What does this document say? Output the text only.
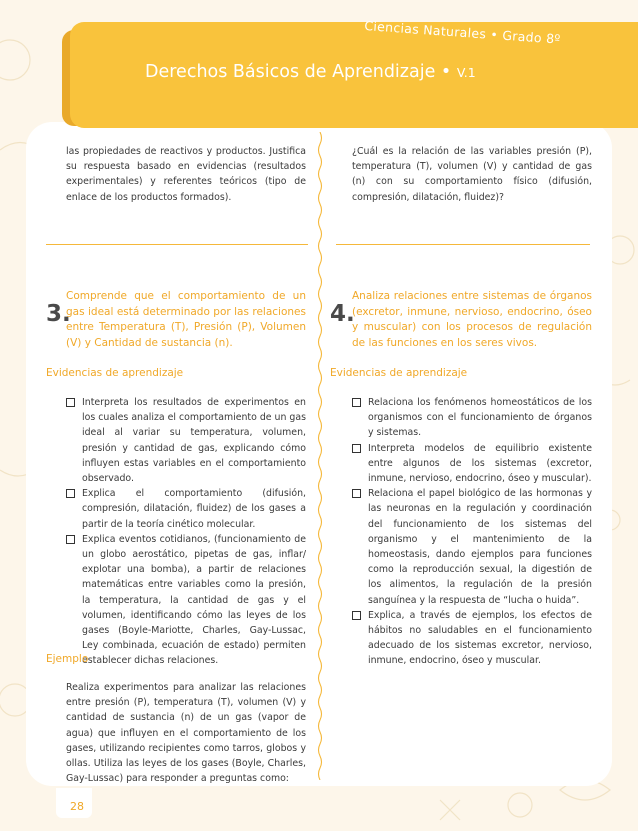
Ciencias Naturales • Grado 8º
Derechos Básicos de Aprendizaje • V.1
las propiedades de reactivos y productos. Justifica su respuesta basado en evidencias (resultados experimentales) y referentes teóricos (tipo de enlace de los productos formados).
¿Cuál es la relación de las variables presión (P), temperatura (T), volumen (V) y cantidad de gas (n) con su comportamiento físico (difusión, compresión, dilatación, fluidez)?
3.
Comprende que el comportamiento de un gas ideal está determinado por las relaciones entre Temperatura (T), Presión (P), Volumen (V) y Cantidad de sustancia (n).
4.
Analiza relaciones entre sistemas de órganos (excretor, inmune, nervioso, endocrino, óseo y muscular) con los procesos de regulación de las funciones en los seres vivos.
Evidencias de aprendizaje	Evidencias de aprendizaje
Interpreta los resultados de experimentos en los cuales analiza el comportamiento de un gas ideal al variar su temperatura, volumen, presión y cantidad de gas, explicando cómo influyen estas variables en el comportamiento observado.
Explica el comportamiento (difusión, compresión, dilatación, fluidez) de los gases a partir de la teoría cinético molecular.
Explica eventos cotidianos, (funcionamiento de un globo aerostático, pipetas de gas, inflar/ explotar una bomba), a partir de relaciones matemáticas entre variables como la presión, la temperatura, la cantidad de gas y el volumen, identificando cómo las leyes de los gases (Boyle-Mariotte, Charles, Gay-Lussac, Ley combinada, ecuación de estado) permiten establecer dichas relaciones.
Relaciona los fenómenos homeostáticos de los organismos con el funcionamiento de órganos y sistemas.
Interpreta modelos de equilibrio existente entre algunos de los sistemas (excretor, inmune, nervioso, endocrino, óseo y muscular).
Relaciona el papel biológico de las hormonas y las neuronas en la regulación y coordinación del funcionamiento de los sistemas del organismo y el mantenimiento de la homeostasis, dando ejemplos para funciones como la reproducción sexual, la digestión de los alimentos, la regulación de la presión sanguínea y la respuesta de “lucha o huida”.
Explica, a través de ejemplos, los efectos de hábitos no saludables en el funcionamiento adecuado de los sistemas excretor, nervioso, inmune, endocrino, óseo y muscular.
Ejemplo
Realiza experimentos para analizar las relaciones entre presión (P), temperatura (T), volumen (V) y cantidad de sustancia (n) de un gas (vapor de agua) que influyen en el comportamiento de los gases, utilizando recipientes como tarros, globos y ollas. Utiliza las leyes de los gases (Boyle, Charles, Gay-Lussac) para responder a preguntas como:
28
